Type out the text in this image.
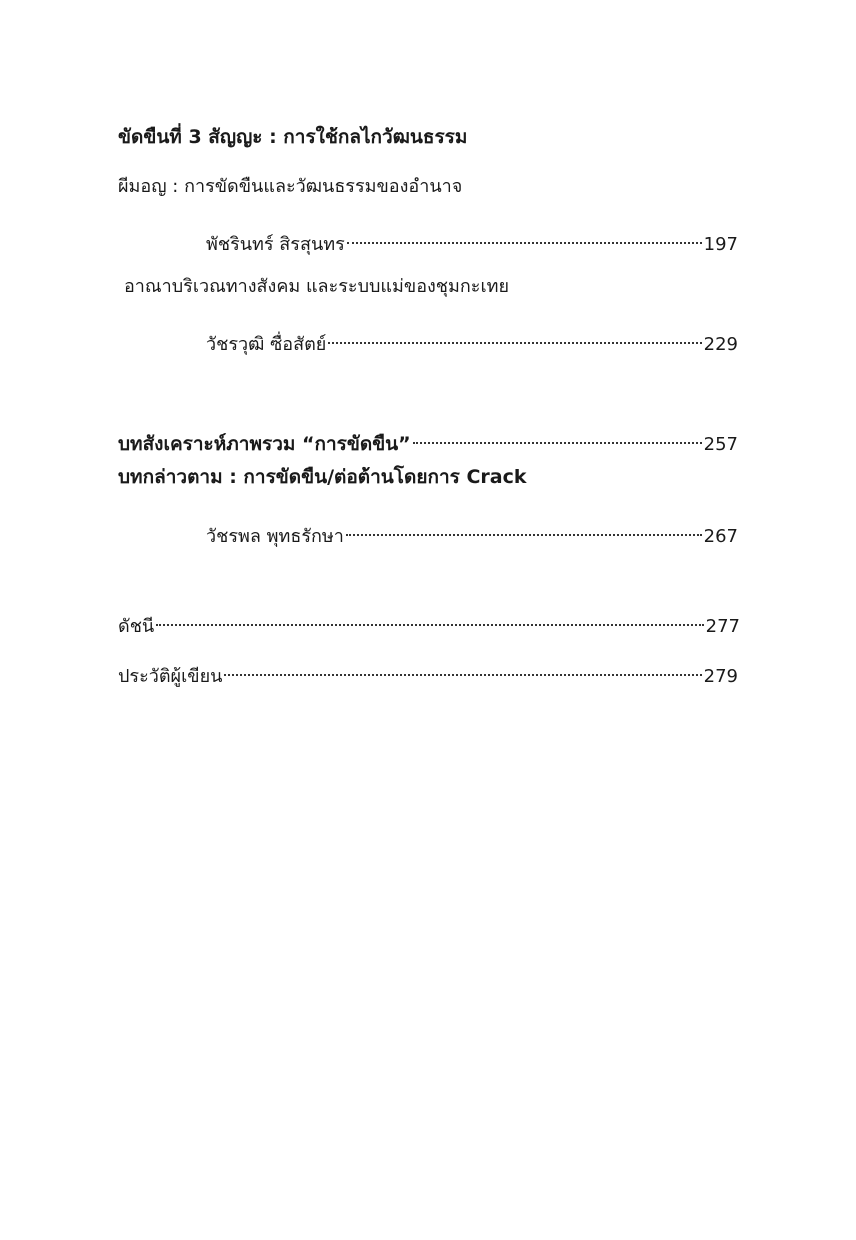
ขัดขืนที่ 3 สัญญะ : การใช้กลไกวัฒนธรรม
ผีมอญ : การขัดขืนและวัฒนธรรมของอำนาจ
พัชรินทร์ สิรสุนทร	197
อาณาบริเวณทางสังคม และระบบแม่ของชุมกะเทย
วัชรวุฒิ ซื่อสัตย์	229
บทสังเคราะห์ภาพรวม “การขัดขืน”	257
บทกล่าวตาม : การขัดขืน/ต่อต้านโดยการ Crack
วัชรพล พุทธรักษา	267
ดัชนี	277
ประวัติผู้เขียน	279
